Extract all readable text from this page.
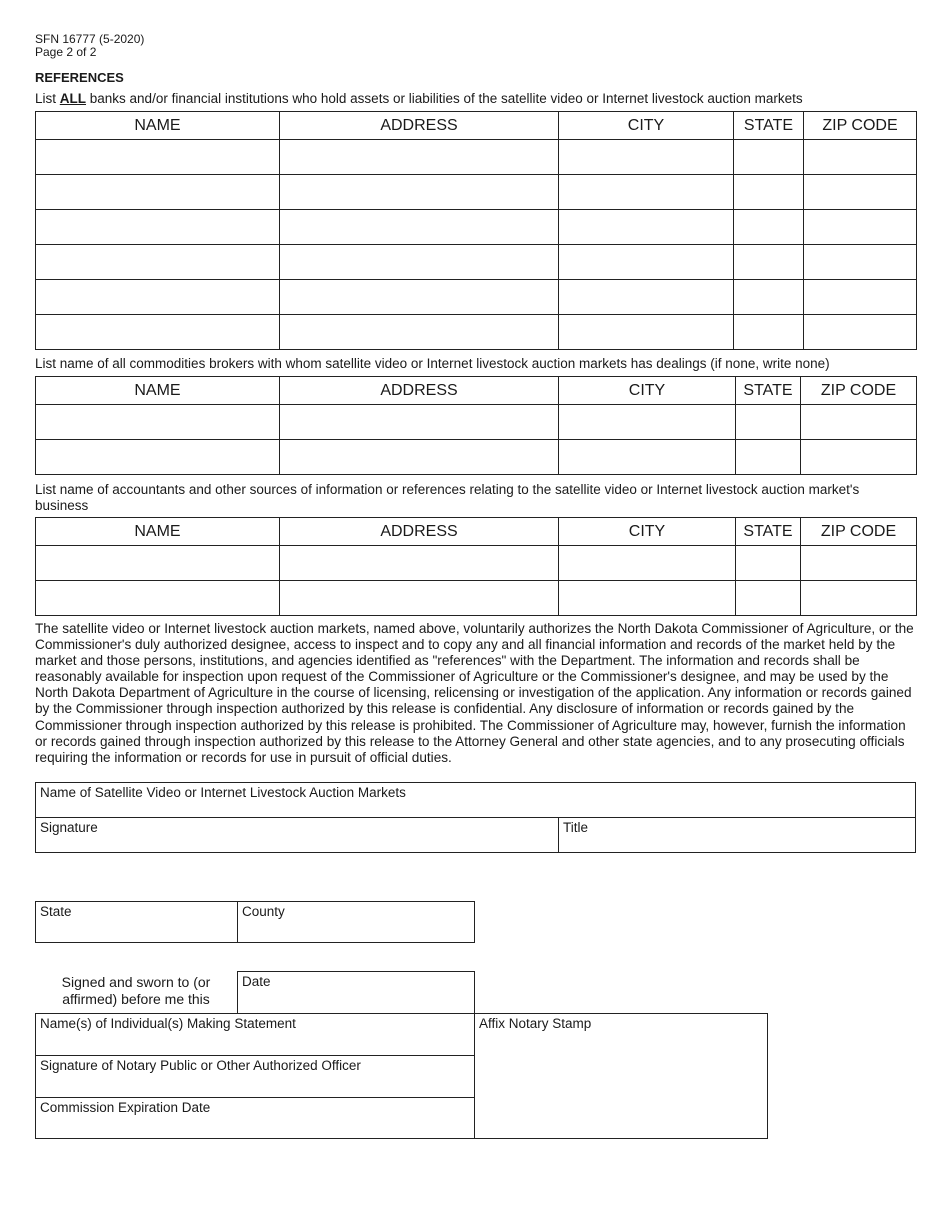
SFN 16777 (5-2020)
Page 2 of 2
REFERENCES
List ALL banks and/or financial institutions who hold assets or liabilities of the satellite video or Internet livestock auction markets
NAME	ADDRESS	CITY	STATE	ZIP CODE

List name of all commodities brokers with whom satellite video or Internet livestock auction markets has dealings (if none, write none)
NAME	ADDRESS	CITY	STATE	ZIP CODE

List name of accountants and other sources of information or references relating to the satellite video or Internet livestock auction market's business
NAME	ADDRESS	CITY	STATE	ZIP CODE

The satellite video or Internet livestock auction markets, named above, voluntarily authorizes the North Dakota Commissioner of Agriculture, or the Commissioner's duly authorized designee, access to inspect and to copy any and all financial information and records of the market held by the market and those persons, institutions, and agencies identified as "references" with the Department. The information and records shall be reasonably available for inspection upon request of the Commissioner of Agriculture or the Commissioner's designee, and may be used by the North Dakota Department of Agriculture in the course of licensing, relicensing or investigation of the application. Any information or records gained by the Commissioner through inspection authorized by this release is confidential. Any disclosure of information or records gained by the Commissioner through inspection authorized by this release is prohibited. The Commissioner of Agriculture may, however, furnish the information or records gained through inspection authorized by this release to the Attorney General and other state agencies, and to any prosecuting officials requiring the information or records for use in pursuit of official duties.
Name of Satellite Video or Internet Livestock Auction Markets
Signature	Title
State	County
Signed and sworn to (or affirmed) before me this
Date
Name(s) of Individual(s) Making Statement
Signature of Notary Public or Other Authorized Officer
Commission Expiration Date
Affix Notary Stamp
